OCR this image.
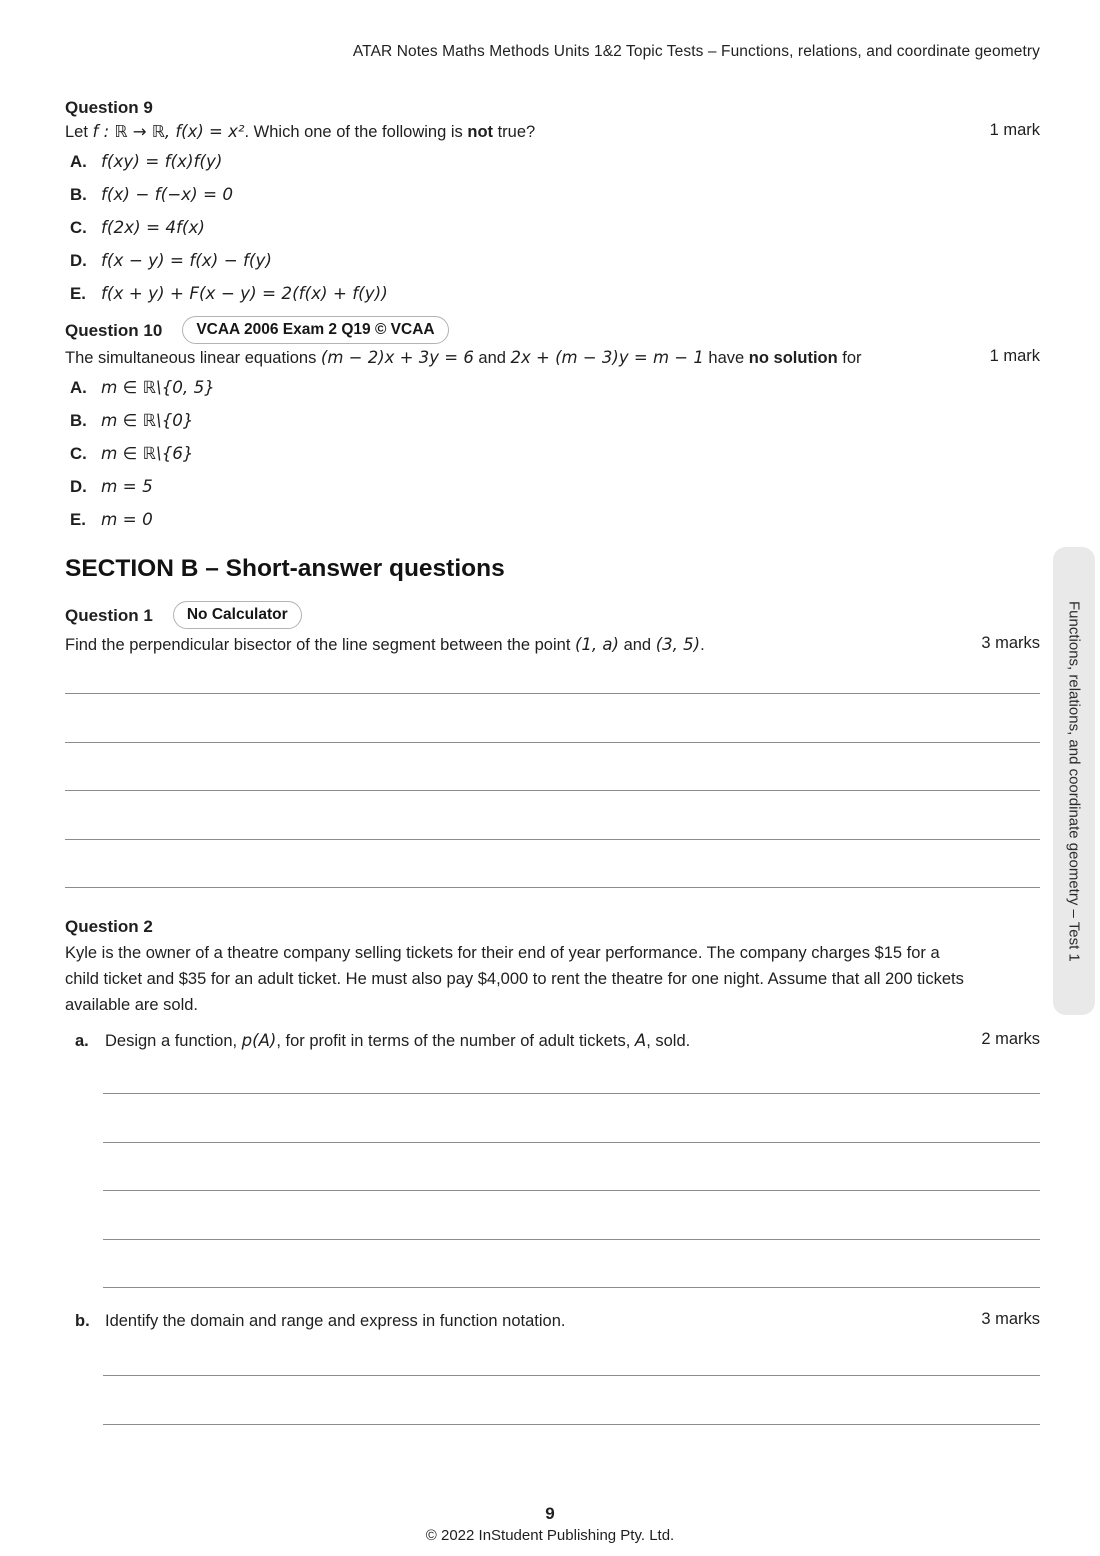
ATAR Notes Maths Methods Units 1&2 Topic Tests – Functions, relations, and coordinate geometry
Question 9
Let f : ℝ → ℝ, f(x) = x². Which one of the following is not true?	1 mark
A. f(xy) = f(x)f(y)
B. f(x) − f(−x) = 0
C. f(2x) = 4f(x)
D. f(x − y) = f(x) − f(y)
E. f(x + y) + F(x − y) = 2(f(x) + f(y))
Question 10	VCAA 2006 Exam 2 Q19 © VCAA
The simultaneous linear equations (m − 2)x + 3y = 6 and 2x + (m − 3)y = m − 1 have no solution for	1 mark
A. m ∈ ℝ\{0, 5}
B. m ∈ ℝ\{0}
C. m ∈ ℝ\{6}
D. m = 5
E. m = 0
SECTION B – Short-answer questions
Question 1	No Calculator
Find the perpendicular bisector of the line segment between the point (1, a) and (3, 5).	3 marks
Question 2
Kyle is the owner of a theatre company selling tickets for their end of year performance. The company charges $15 for a child ticket and $35 for an adult ticket. He must also pay $4,000 to rent the theatre for one night. Assume that all 200 tickets available are sold.
a. Design a function, p(A), for profit in terms of the number of adult tickets, A, sold.	2 marks
b. Identify the domain and range and express in function notation.	3 marks
Functions, relations, and coordinate geometry – Test 1
9
© 2022 InStudent Publishing Pty. Ltd.
